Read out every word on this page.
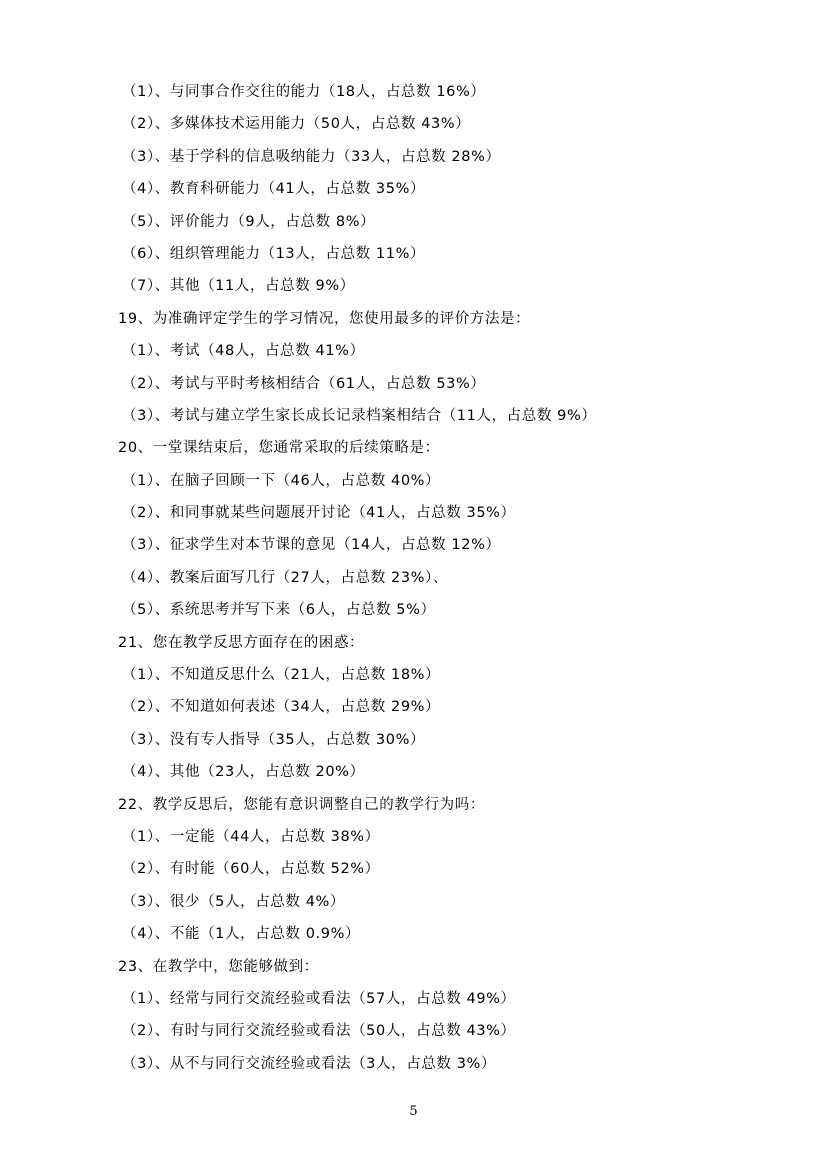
（1）、与同事合作交往的能力（18人，占总数 16%）
（2）、多媒体技术运用能力（50人，占总数 43%）
（3）、基于学科的信息吸纳能力（33人，占总数 28%）
（4）、教育科研能力（41人，占总数 35%）
（5）、评价能力（9人，占总数 8%）
（6）、组织管理能力（13人，占总数 11%）
（7）、其他（11人，占总数 9%）
19、为准确评定学生的学习情况，您使用最多的评价方法是：
（1）、考试（48人，占总数 41%）
（2）、考试与平时考核相结合（61人，占总数 53%）
（3）、考试与建立学生家长成长记录档案相结合（11人，占总数 9%）
20、一堂课结束后，您通常采取的后续策略是：
（1）、在脑子回顾一下（46人，占总数 40%）
（2）、和同事就某些问题展开讨论（41人，占总数 35%）
（3）、征求学生对本节课的意见（14人，占总数 12%）
（4）、教案后面写几行（27人，占总数 23%）、
（5）、系统思考并写下来（6人，占总数 5%）
21、您在教学反思方面存在的困惑：
（1）、不知道反思什么（21人，占总数 18%）
（2）、不知道如何表述（34人，占总数 29%）
（3）、没有专人指导（35人，占总数 30%）
（4）、其他（23人，占总数 20%）
22、教学反思后，您能有意识调整自己的教学行为吗：
（1）、一定能（44人，占总数 38%）
（2）、有时能（60人，占总数 52%）
（3）、很少（5人，占总数 4%）
（4）、不能（1人，占总数 0.9%）
23、在教学中，您能够做到：
（1）、经常与同行交流经验或看法（57人，占总数 49%）
（2）、有时与同行交流经验或看法（50人，占总数 43%）
（3）、从不与同行交流经验或看法（3人，占总数 3%）
5
